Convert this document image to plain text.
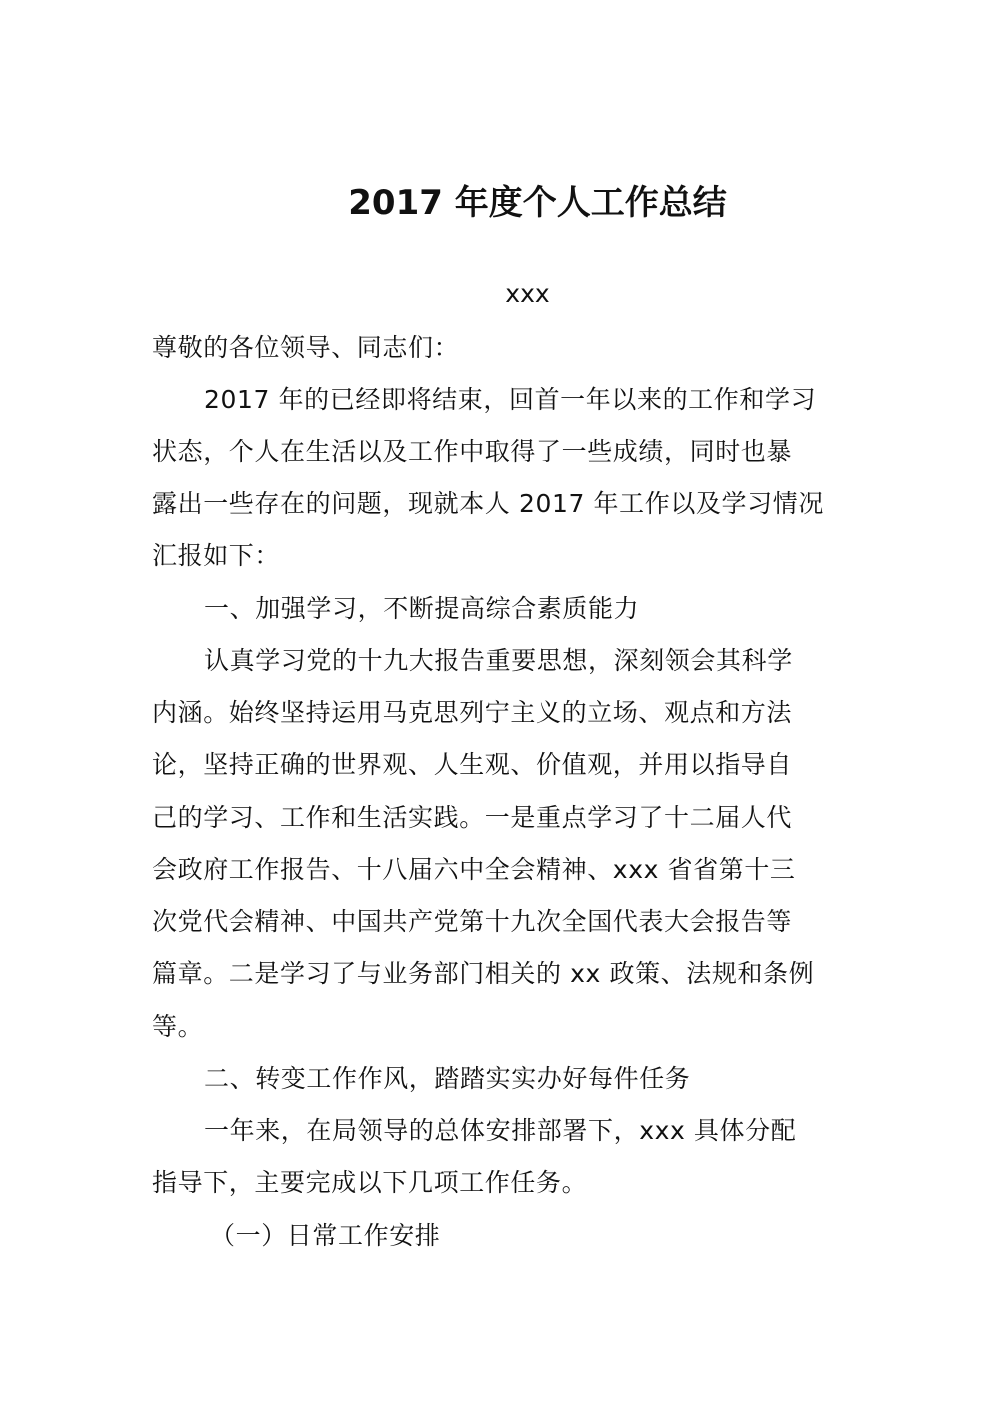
2017 年度个人工作总结
xxx
尊敬的各位领导、同志们：
2017 年的已经即将结束，回首一年以来的工作和学习
状态，个人在生活以及工作中取得了一些成绩，同时也暴
露出一些存在的问题，现就本人 2017 年工作以及学习情况
汇报如下：
一、加强学习，不断提高综合素质能力
认真学习党的十九大报告重要思想，深刻领会其科学
内涵。始终坚持运用马克思列宁主义的立场、观点和方法
论，坚持正确的世界观、人生观、价值观，并用以指导自
己的学习、工作和生活实践。一是重点学习了十二届人代
会政府工作报告、十八届六中全会精神、xxx 省省第十三
次党代会精神、中国共产党第十九次全国代表大会报告等
篇章。二是学习了与业务部门相关的 xx 政策、法规和条例
等。
二、转变工作作风，踏踏实实办好每件任务
一年来，在局领导的总体安排部署下，xxx 具体分配
指导下，主要完成以下几项工作任务。
（一）日常工作安排
